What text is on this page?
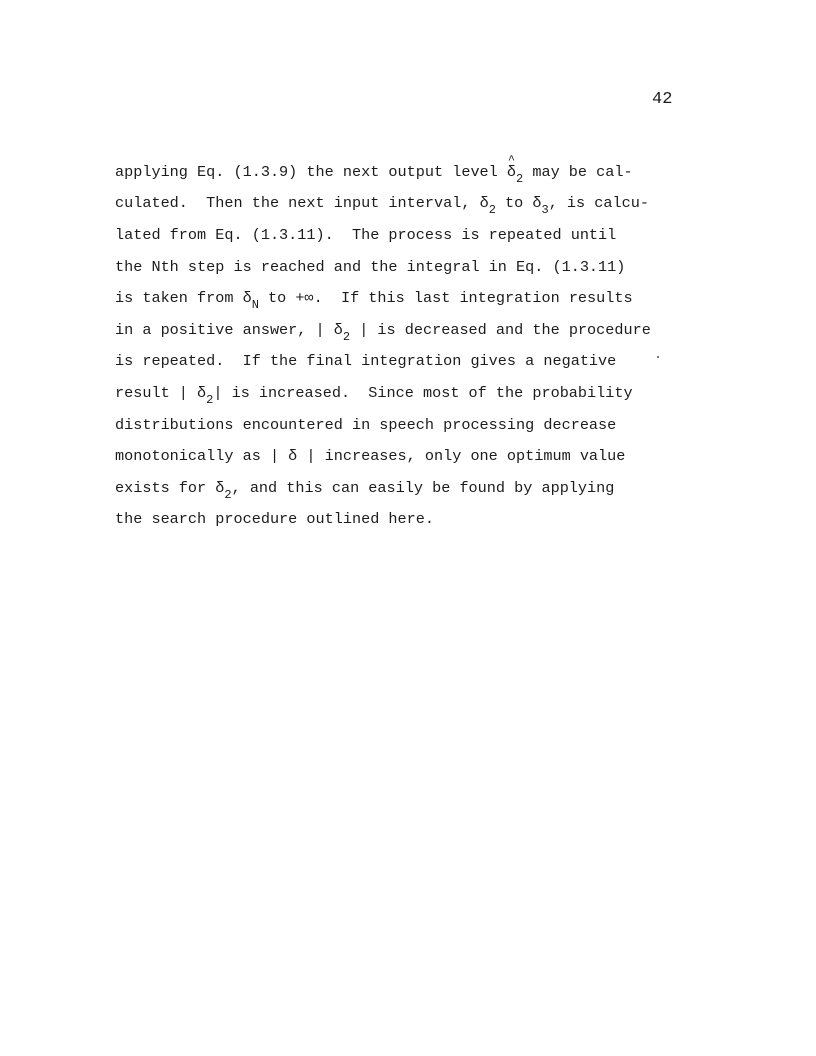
42
applying Eq. (1.3.9) the next output level
^
$\delta_2$ may be cal-
culated.  Then the next input interval, $\delta_2$ to $\delta_3$, is calcu-
lated from Eq. (1.3.11).  The process is repeated until
the Nth step is reached and the integral in Eq. (1.3.11)
is taken from $\delta_N$ to +∞.  If this last integration results
in a positive answer, | $\delta_2$ | is decreased and the procedure
is repeated.  If the final integration gives a negative
result | $\delta_2|$ is increased.  Since most of the probability
distributions encountered in speech processing decrease
monotonically as | δ | increases, only one optimum value
exists for $\delta_2$, and this can easily be found by applying
the search procedure outlined here.
